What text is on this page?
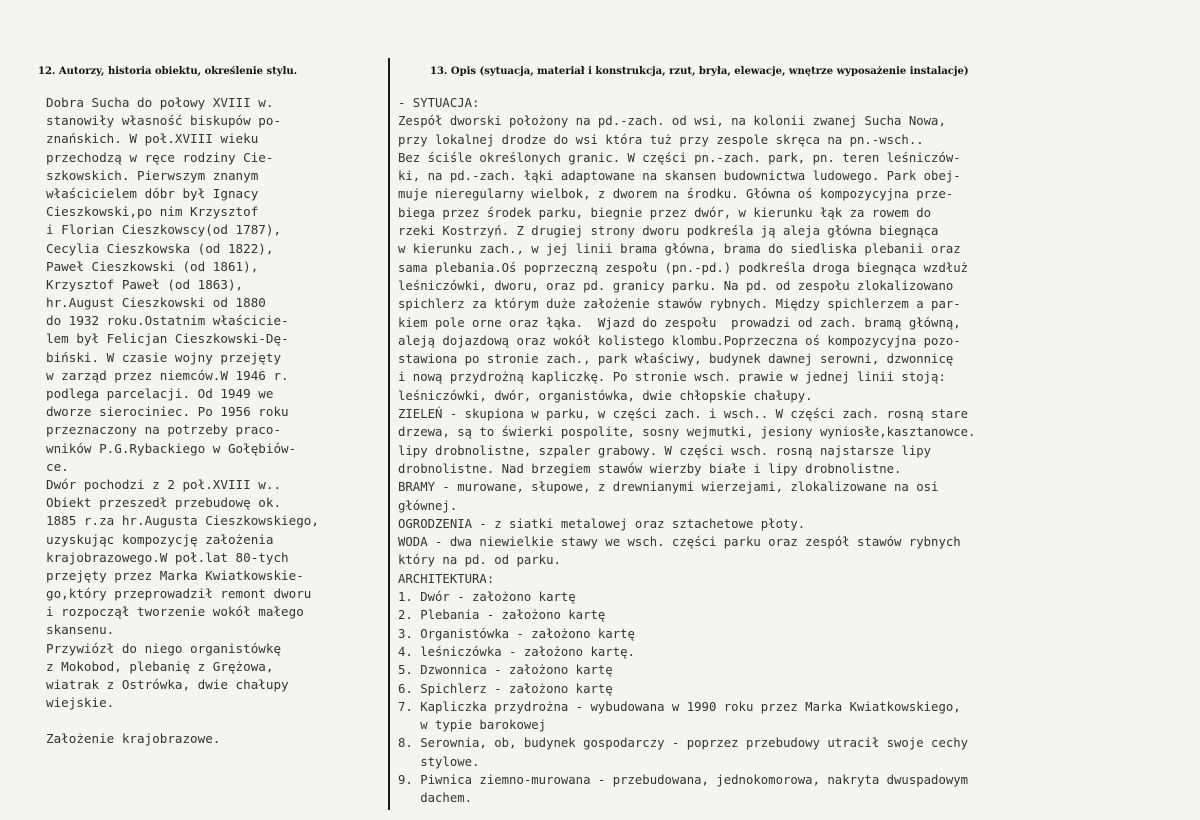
12. Autorzy, historia obiektu, określenie stylu.	13. Opis (sytuacja, materiał i konstrukcja, rzut, bryła, elewacje, wnętrze wyposażenie instalacje)
Dobra Sucha do połowy XVIII w.
stanowiły własność biskupów po-
znańskich. W poł.XVIII wieku
przechodzą w ręce rodziny Cie-
szkowskich. Pierwszym znanym
właścicielem dóbr był Ignacy
Cieszkowski,po nim Krzysztof
i Florian Cieszkowscy(od 1787),
Cecylia Cieszkowska (od 1822),
Paweł Cieszkowski (od 1861),
Krzysztof Paweł (od 1863),
hr.August Cieszkowski od 1880
do 1932 roku.Ostatnim właścicie-
lem był Felicjan Cieszkowski-Dę-
biński. W czasie wojny przejęty
w zarząd przez niemców.W 1946 r.
podlega parcelacji. Od 1949 we
dworze sierociniec. Po 1956 roku
przeznaczony na potrzeby praco-
wników P.G.Rybackiego w Gołębiów-
ce.
Dwór pochodzi z 2 poł.XVIII w..
Obiekt przeszedł przebudowę ok.
1885 r.za hr.Augusta Cieszkowskiego,
uzyskując kompozycję założenia
krajobrazowego.W poł.lat 80-tych
przejęty przez Marka Kwiatkowskie-
go,który przeprowadził remont dworu
i rozpoczął tworzenie wokół małego
skansenu.
Przywiózł do niego organistówkę
z Mokobod, plebanię z Grężowa,
wiatrak z Ostrówka, dwie chałupy
wiejskie.
Założenie krajobrazowe.
- SYTUACJA:
Zespół dworski położony na pd.-zach. od wsi, na kolonii zwanej Sucha Nowa,
przy lokalnej drodze do wsi która tuż przy zespole skręca na pn.-wsch..
Bez ściśle określonych granic. W części pn.-zach. park, pn. teren leśniczów-
ki, na pd.-zach. łąki adaptowane na skansen budownictwa ludowego. Park obej-
muje nieregularny wielbok, z dworem na środku. Główna oś kompozycyjna prze-
biega przez środek parku, biegnie przez dwór, w kierunku łąk za rowem do
rzeki Kostrzyń. Z drugiej strony dworu podkreśla ją aleja główna biegnąca
w kierunku zach., w jej linii brama główna, brama do siedliska plebanii oraz
sama plebania.Oś poprzeczną zespołu (pn.-pd.) podkreśla droga biegnąca wzdłuż
leśniczówki, dworu, oraz pd. granicy parku. Na pd. od zespołu zlokalizowano
spichlerz za którym duże założenie stawów rybnych. Między spichlerzem a par-
kiem pole orne oraz łąka.  Wjazd do zespołu  prowadzi od zach. bramą główną,
aleją dojazdową oraz wokół kolistego klombu.Poprzeczna oś kompozycyjna pozo-
stawiona po stronie zach., park właściwy, budynek dawnej serowni, dzwonnicę
i nową przydrożną kapliczkę. Po stronie wsch. prawie w jednej linii stoją:
leśniczówki, dwór, organistówka, dwie chłopskie chałupy.
ZIELEŃ - skupiona w parku, w części zach. i wsch.. W części zach. rosną stare
drzewa, są to świerki pospolite, sosny wejmutki, jesiony wyniosłe,kasztanowce.
lipy drobnolistne, szpaler grabowy. W części wsch. rosną najstarsze lipy
drobnolistne. Nad brzegiem stawów wierzby białe i lipy drobnolistne.
BRAMY - murowane, słupowe, z drewnianymi wierzejami, zlokalizowane na osi
głównej.
OGRODZENIA - z siatki metalowej oraz sztachetowe płoty.
WODA - dwa niewielkie stawy we wsch. części parku oraz zespół stawów rybnych
który na pd. od parku.
ARCHITEKTURA:
1. Dwór - założono kartę
2. Plebania - założono kartę
3. Organistówka - założono kartę
4. leśniczówka - założono kartę.
5. Dzwonnica - założono kartę
6. Spichlerz - założono kartę
7. Kapliczka przydrożna - wybudowana w 1990 roku przez Marka Kwiatkowskiego,
w typie barokowej
8. Serownia, ob, budynek gospodarczy - poprzez przebudowy utracił swoje cechy
stylowe.
9. Piwnica ziemno-murowana - przebudowana, jednokomorowa, nakryta dwuspadowym
dachem.
